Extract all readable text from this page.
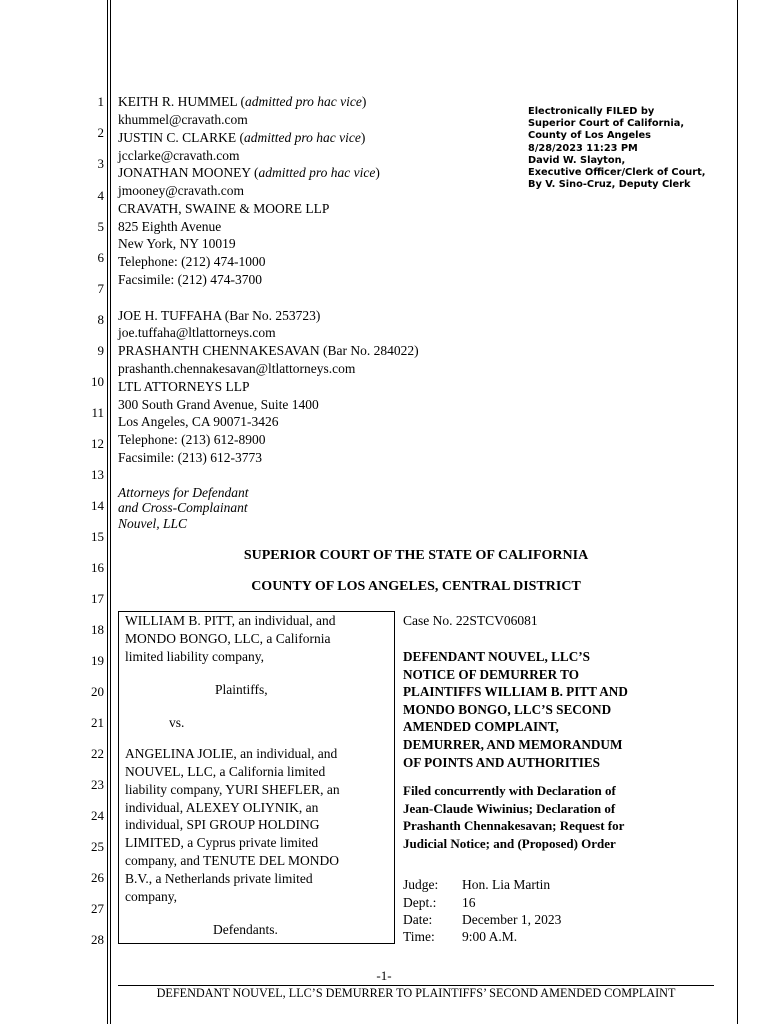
1
2
3
4
5
6
7
8
9
10
11
12
13
14
15
16
17
18
19
20
21
22
23
24
25
26
27
28
KEITH R. HUMMEL (admitted pro hac vice)
khummel@cravath.com
JUSTIN C. CLARKE (admitted pro hac vice)
jcclarke@cravath.com
JONATHAN MOONEY (admitted pro hac vice)
jmooney@cravath.com
CRAVATH, SWAINE & MOORE LLP
825 Eighth Avenue
New York, NY 10019
Telephone: (212) 474-1000
Facsimile: (212) 474-3700
JOE H. TUFFAHA (Bar No. 253723)
joe.tuffaha@ltlattorneys.com
PRASHANTH CHENNAKESAVAN (Bar No. 284022)
prashanth.chennakesavan@ltlattorneys.com
LTL ATTORNEYS LLP
300 South Grand Avenue, Suite 1400
Los Angeles, CA 90071-3426
Telephone: (213) 612-8900
Facsimile: (213) 612-3773
Attorneys for Defendant
and Cross-Complainant
Nouvel, LLC
Electronically FILED by
Superior Court of California,
County of Los Angeles
8/28/2023 11:23 PM
David W. Slayton,
Executive Officer/Clerk of Court,
By V. Sino-Cruz, Deputy Clerk
SUPERIOR COURT OF THE STATE OF CALIFORNIA
COUNTY OF LOS ANGELES, CENTRAL DISTRICT
WILLIAM B. PITT, an individual, and
MONDO BONGO, LLC, a California
limited liability company,
Plaintiffs,
vs.
ANGELINA JOLIE, an individual, and
NOUVEL, LLC, a California limited
liability company, YURI SHEFLER, an
individual, ALEXEY OLIYNIK, an
individual, SPI GROUP HOLDING
LIMITED, a Cyprus private limited
company, and TENUTE DEL MONDO
B.V., a Netherlands private limited
company,
Defendants.
Case No. 22STCV06081
DEFENDANT NOUVEL, LLC’S
NOTICE OF DEMURRER TO
PLAINTIFFS WILLIAM B. PITT AND
MONDO BONGO, LLC’S SECOND
AMENDED COMPLAINT,
DEMURRER, AND MEMORANDUM
OF POINTS AND AUTHORITIES
Filed concurrently with Declaration of
Jean-Claude Wiwinius; Declaration of
Prashanth Chennakesavan; Request for
Judicial Notice; and (Proposed) Order
Judge: Hon. Lia Martin
Dept.: 16
Date: December 1, 2023
Time: 9:00 A.M.
-1-
DEFENDANT NOUVEL, LLC’S DEMURRER TO PLAINTIFFS’ SECOND AMENDED COMPLAINT
